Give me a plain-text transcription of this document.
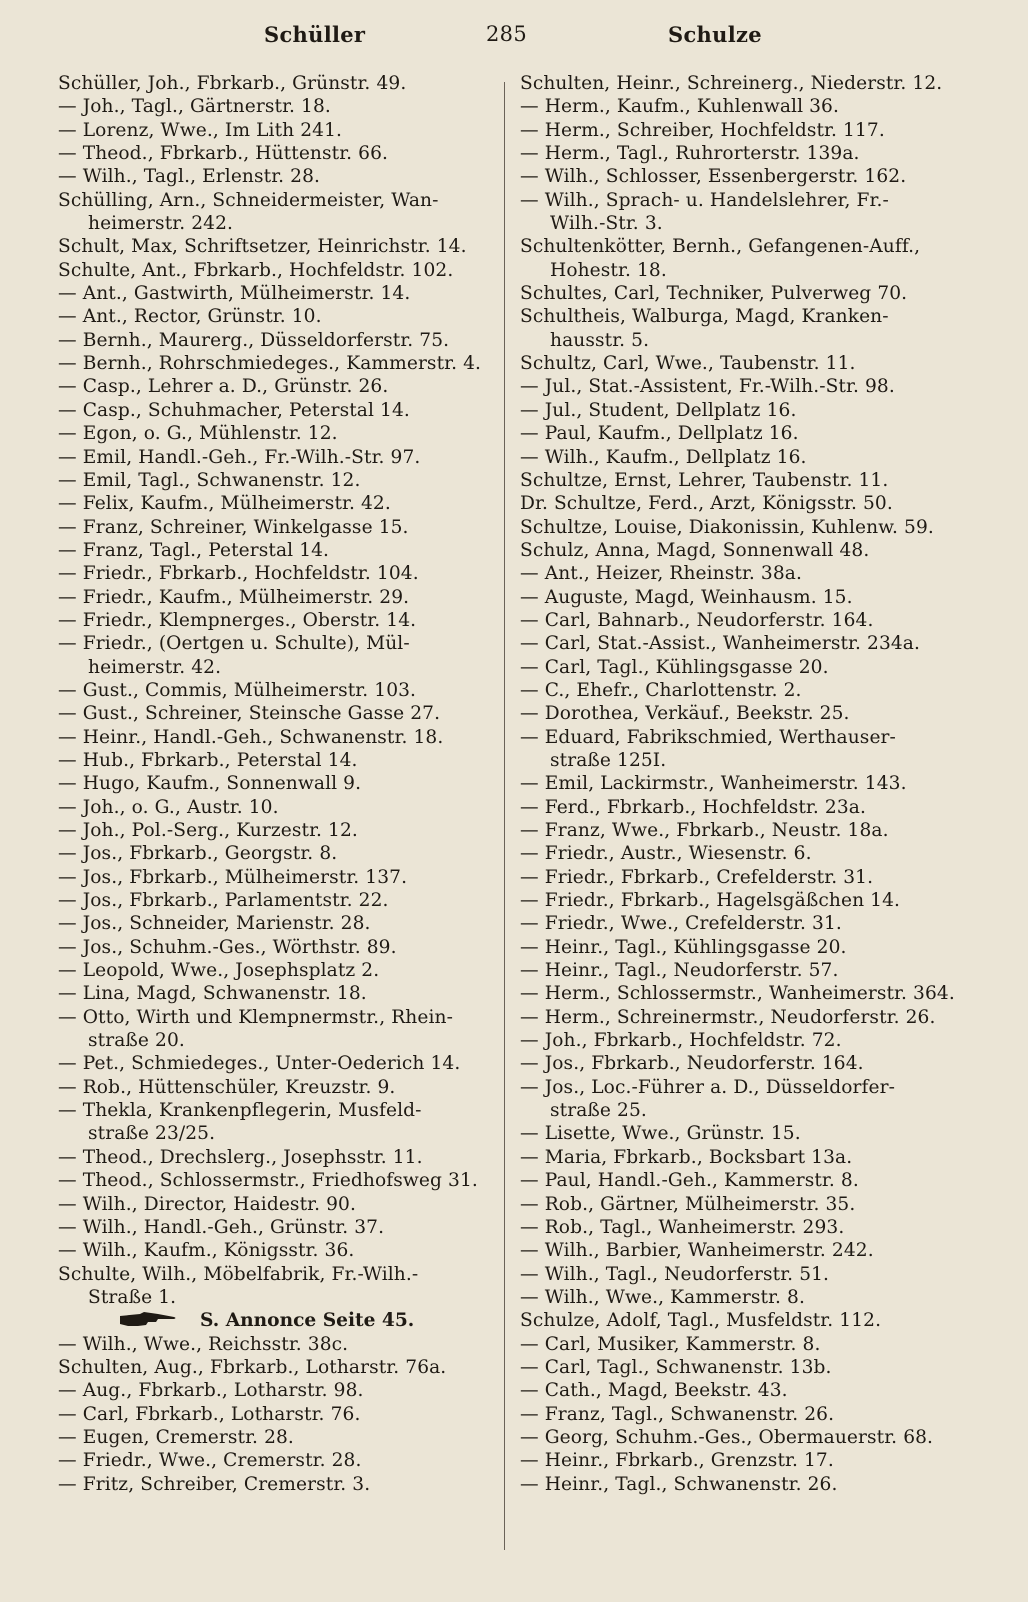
Schüller	285	Schulze
Schüller, Joh., Fbrkarb., Grünstr. 49.
— Joh., Tagl., Gärtnerstr. 18.
— Lorenz, Wwe., Im Lith 241.
— Theod., Fbrkarb., Hüttenstr. 66.
— Wilh., Tagl., Erlenstr. 28.
Schülling, Arn., Schneidermeister, Wan-
heimerstr. 242.
Schult, Max, Schriftsetzer, Heinrichstr. 14.
Schulte, Ant., Fbrkarb., Hochfeldstr. 102.
— Ant., Gastwirth, Mülheimerstr. 14.
— Ant., Rector, Grünstr. 10.
— Bernh., Maurerg., Düsseldorferstr. 75.
— Bernh., Rohrschmiedeges., Kammerstr. 4.
— Casp., Lehrer a. D., Grünstr. 26.
— Casp., Schuhmacher, Peterstal 14.
— Egon, o. G., Mühlenstr. 12.
— Emil, Handl.-Geh., Fr.-Wilh.-Str. 97.
— Emil, Tagl., Schwanenstr. 12.
— Felix, Kaufm., Mülheimerstr. 42.
— Franz, Schreiner, Winkelgasse 15.
— Franz, Tagl., Peterstal 14.
— Friedr., Fbrkarb., Hochfeldstr. 104.
— Friedr., Kaufm., Mülheimerstr. 29.
— Friedr., Klempnerges., Oberstr. 14.
— Friedr., (Oertgen u. Schulte), Mül-
heimerstr. 42.
— Gust., Commis, Mülheimerstr. 103.
— Gust., Schreiner, Steinsche Gasse 27.
— Heinr., Handl.-Geh., Schwanenstr. 18.
— Hub., Fbrkarb., Peterstal 14.
— Hugo, Kaufm., Sonnenwall 9.
— Joh., o. G., Austr. 10.
— Joh., Pol.-Serg., Kurzestr. 12.
— Jos., Fbrkarb., Georgstr. 8.
— Jos., Fbrkarb., Mülheimerstr. 137.
— Jos., Fbrkarb., Parlamentstr. 22.
— Jos., Schneider, Marienstr. 28.
— Jos., Schuhm.-Ges., Wörthstr. 89.
— Leopold, Wwe., Josephsplatz 2.
— Lina, Magd, Schwanenstr. 18.
— Otto, Wirth und Klempnermstr., Rhein-
straße 20.
— Pet., Schmiedeges., Unter-Oederich 14.
— Rob., Hüttenschüler, Kreuzstr. 9.
— Thekla, Krankenpflegerin, Musfeld-
straße 23/25.
— Theod., Drechslerg., Josephsstr. 11.
— Theod., Schlossermstr., Friedhofsweg 31.
— Wilh., Director, Haidestr. 90.
— Wilh., Handl.-Geh., Grünstr. 37.
— Wilh., Kaufm., Königsstr. 36.
Schulte, Wilh., Möbelfabrik, Fr.-Wilh.-
Straße 1.
S. Annonce Seite 45.
— Wilh., Wwe., Reichsstr. 38c.
Schulten, Aug., Fbrkarb., Lotharstr. 76a.
— Aug., Fbrkarb., Lotharstr. 98.
— Carl, Fbrkarb., Lotharstr. 76.
— Eugen, Cremerstr. 28.
— Friedr., Wwe., Cremerstr. 28.
— Fritz, Schreiber, Cremerstr. 3.
Schulten, Heinr., Schreinerg., Niederstr. 12.
— Herm., Kaufm., Kuhlenwall 36.
— Herm., Schreiber, Hochfeldstr. 117.
— Herm., Tagl., Ruhrorterstr. 139a.
— Wilh., Schlosser, Essenbergerstr. 162.
— Wilh., Sprach- u. Handelslehrer, Fr.-
Wilh.-Str. 3.
Schultenkötter, Bernh., Gefangenen-Auff.,
Hohestr. 18.
Schultes, Carl, Techniker, Pulverweg 70.
Schultheis, Walburga, Magd, Kranken-
hausstr. 5.
Schultz, Carl, Wwe., Taubenstr. 11.
— Jul., Stat.-Assistent, Fr.-Wilh.-Str. 98.
— Jul., Student, Dellplatz 16.
— Paul, Kaufm., Dellplatz 16.
— Wilh., Kaufm., Dellplatz 16.
Schultze, Ernst, Lehrer, Taubenstr. 11.
Dr. Schultze, Ferd., Arzt, Königsstr. 50.
Schultze, Louise, Diakonissin, Kuhlenw. 59.
Schulz, Anna, Magd, Sonnenwall 48.
— Ant., Heizer, Rheinstr. 38a.
— Auguste, Magd, Weinhausm. 15.
— Carl, Bahnarb., Neudorferstr. 164.
— Carl, Stat.-Assist., Wanheimerstr. 234a.
— Carl, Tagl., Kühlingsgasse 20.
— C., Ehefr., Charlottenstr. 2.
— Dorothea, Verkäuf., Beekstr. 25.
— Eduard, Fabrikschmied, Werthauser-
straße 125I.
— Emil, Lackirmstr., Wanheimerstr. 143.
— Ferd., Fbrkarb., Hochfeldstr. 23a.
— Franz, Wwe., Fbrkarb., Neustr. 18a.
— Friedr., Austr., Wiesenstr. 6.
— Friedr., Fbrkarb., Crefelderstr. 31.
— Friedr., Fbrkarb., Hagelsgäßchen 14.
— Friedr., Wwe., Crefelderstr. 31.
— Heinr., Tagl., Kühlingsgasse 20.
— Heinr., Tagl., Neudorferstr. 57.
— Herm., Schlossermstr., Wanheimerstr. 364.
— Herm., Schreinermstr., Neudorferstr. 26.
— Joh., Fbrkarb., Hochfeldstr. 72.
— Jos., Fbrkarb., Neudorferstr. 164.
— Jos., Loc.-Führer a. D., Düsseldorfer-
straße 25.
— Lisette, Wwe., Grünstr. 15.
— Maria, Fbrkarb., Bocksbart 13a.
— Paul, Handl.-Geh., Kammerstr. 8.
— Rob., Gärtner, Mülheimerstr. 35.
— Rob., Tagl., Wanheimerstr. 293.
— Wilh., Barbier, Wanheimerstr. 242.
— Wilh., Tagl., Neudorferstr. 51.
— Wilh., Wwe., Kammerstr. 8.
Schulze, Adolf, Tagl., Musfeldstr. 112.
— Carl, Musiker, Kammerstr. 8.
— Carl, Tagl., Schwanenstr. 13b.
— Cath., Magd, Beekstr. 43.
— Franz, Tagl., Schwanenstr. 26.
— Georg, Schuhm.-Ges., Obermauerstr. 68.
— Heinr., Fbrkarb., Grenzstr. 17.
— Heinr., Tagl., Schwanenstr. 26.
